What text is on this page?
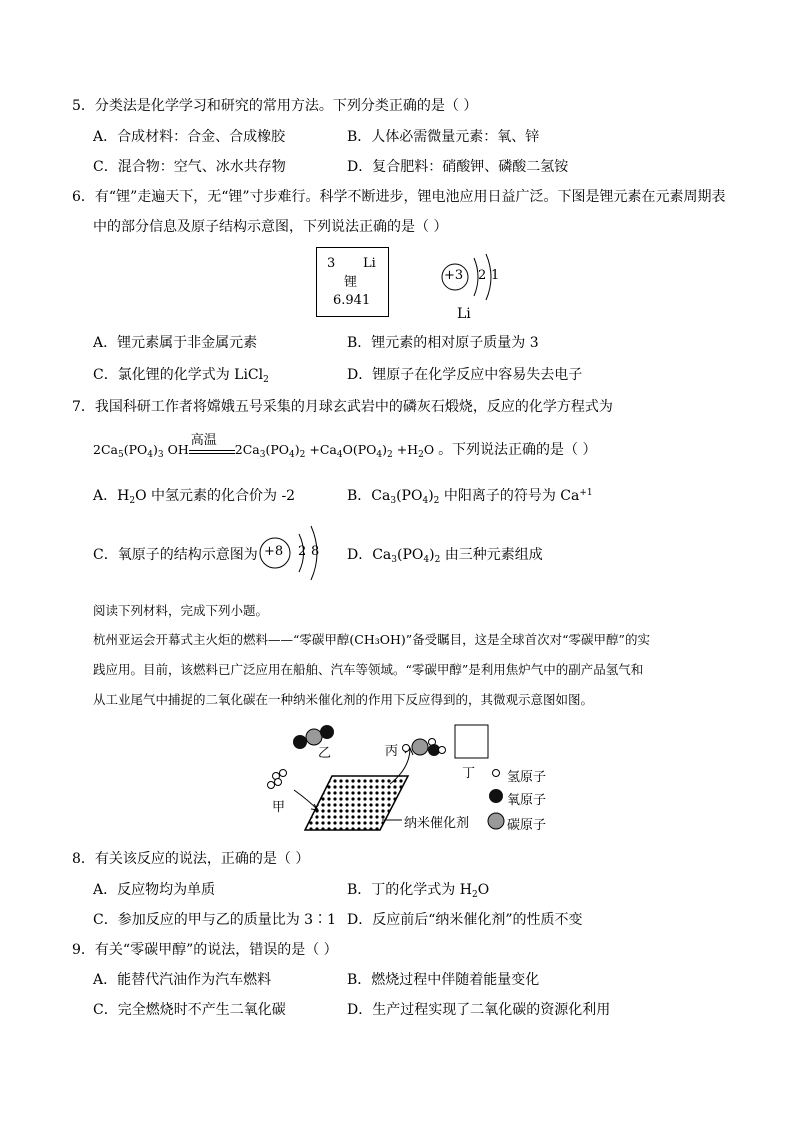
5．分类法是化学学习和研究的常用方法。下列分类正确的是（ ）
A．合成材料：合金、合成橡胶	B．人体必需微量元素：氧、锌
C．混合物：空气、冰水共存物	D．复合肥料：硝酸钾、磷酸二氢铵
6．有“锂”走遍天下，无“锂”寸步难行。科学不断进步，锂电池应用日益广泛。下图是锂元素在元素周期表
中的部分信息及原子结构示意图，下列说法正确的是（ ）
3 Li
锂
6.941
+3 2 1
Li
A．锂元素属于非金属元素	B．锂元素的相对原子质量为 3
C．氯化锂的化学式为 LiCl$_2$	D．锂原子在化学反应中容易失去电子
7．我国科研工作者将嫦娥五号采集的月球玄武岩中的磷灰石煅烧，反应的化学方程式为
$2Ca_5(PO_4)_3$ OH
高温
$2Ca_3(PO_4)_2 +Ca_4O(PO_4)_2 +H_2O$ 。下列说法正确的是（ ）
A．$H_2O$ 中氢元素的化合价为 -2	B．$Ca_3(PO_4)_2$ 中阳离子的符号为 $Ca^{+1}$
C．氧原子的结构示意图为 +8 2 8 D．$Ca_3(PO_4)_2$ 由三种元素组成
阅读下列材料，完成下列小题。
杭州亚运会开幕式主火炬的燃料——“零碳甲醇(CH₃OH)”备受瞩目，这是全球首次对“零碳甲醇”的实
践应用。目前，该燃料已广泛应用在船舶、汽车等领域。“零碳甲醇”是利用焦炉气中的副产品氢气和
从工业尾气中捕捉的二氧化碳在一种纳米催化剂的作用下反应得到的，其微观示意图如图。
乙	丙
丁
甲
纳米催化剂
氢原子
氧原子
碳原子
8．有关该反应的说法，正确的是（ ）
A．反应物均为单质	B．丁的化学式为 $H_2O$
C．参加反应的甲与乙的质量比为 3∶1 D．反应前后“纳米催化剂”的性质不变
9．有关“零碳甲醇”的说法，错误的是（ ）
A．能替代汽油作为汽车燃料	B．燃烧过程中伴随着能量变化
C．完全燃烧时不产生二氧化碳	D．生产过程实现了二氧化碳的资源化利用
